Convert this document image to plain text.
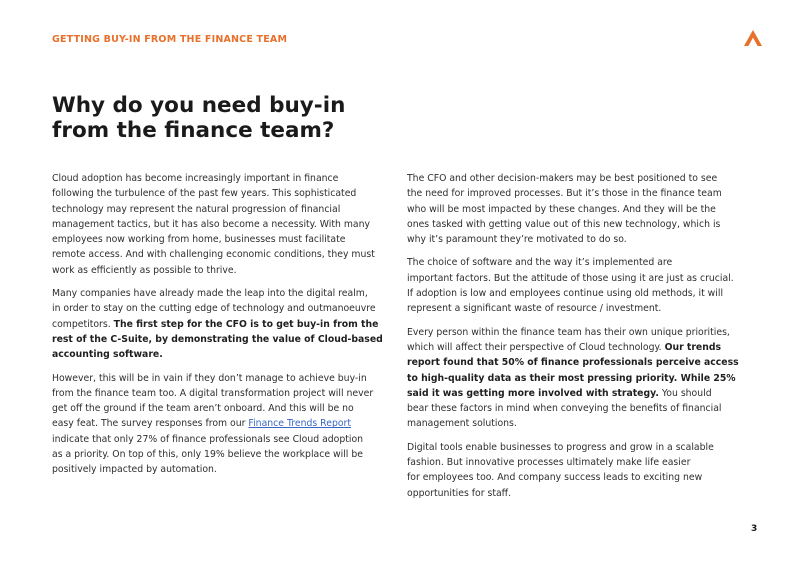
GETTING BUY-IN FROM THE FINANCE TEAM
Why do you need buy-in
from the finance team?

Cloud adoption has become increasingly important in finance
following the turbulence of the past few years. This sophisticated
technology may represent the natural progression of financial
management tactics, but it has also become a necessity. With many
employees now working from home, businesses must facilitate
remote access. And with challenging economic conditions, they must
work as efficiently as possible to thrive.

Many companies have already made the leap into the digital realm,
in order to stay on the cutting edge of technology and outmanoeuvre
competitors. The first step for the CFO is to get buy-in from the
rest of the C-Suite, by demonstrating the value of Cloud-based
accounting software.

However, this will be in vain if they don’t manage to achieve buy-in
from the finance team too. A digital transformation project will never
get off the ground if the team aren’t onboard. And this will be no
easy feat. The survey responses from our Finance Trends Report
indicate that only 27% of finance professionals see Cloud adoption
as a priority. On top of this, only 19% believe the workplace will be
positively impacted by automation.

The CFO and other decision-makers may be best positioned to see
the need for improved processes. But it’s those in the finance team
who will be most impacted by these changes. And they will be the
ones tasked with getting value out of this new technology, which is
why it’s paramount they’re motivated to do so.

The choice of software and the way it’s implemented are
important factors. But the attitude of those using it are just as crucial.
If adoption is low and employees continue using old methods, it will
represent a significant waste of resource / investment.

Every person within the finance team has their own unique priorities,
which will affect their perspective of Cloud technology. Our trends
report found that 50% of finance professionals perceive access
to high-quality data as their most pressing priority. While 25%
said it was getting more involved with strategy. You should
bear these factors in mind when conveying the benefits of financial
management solutions.

Digital tools enable businesses to progress and grow in a scalable
fashion. But innovative processes ultimately make life easier
for employees too. And company success leads to exciting new
opportunities for staff.

3
